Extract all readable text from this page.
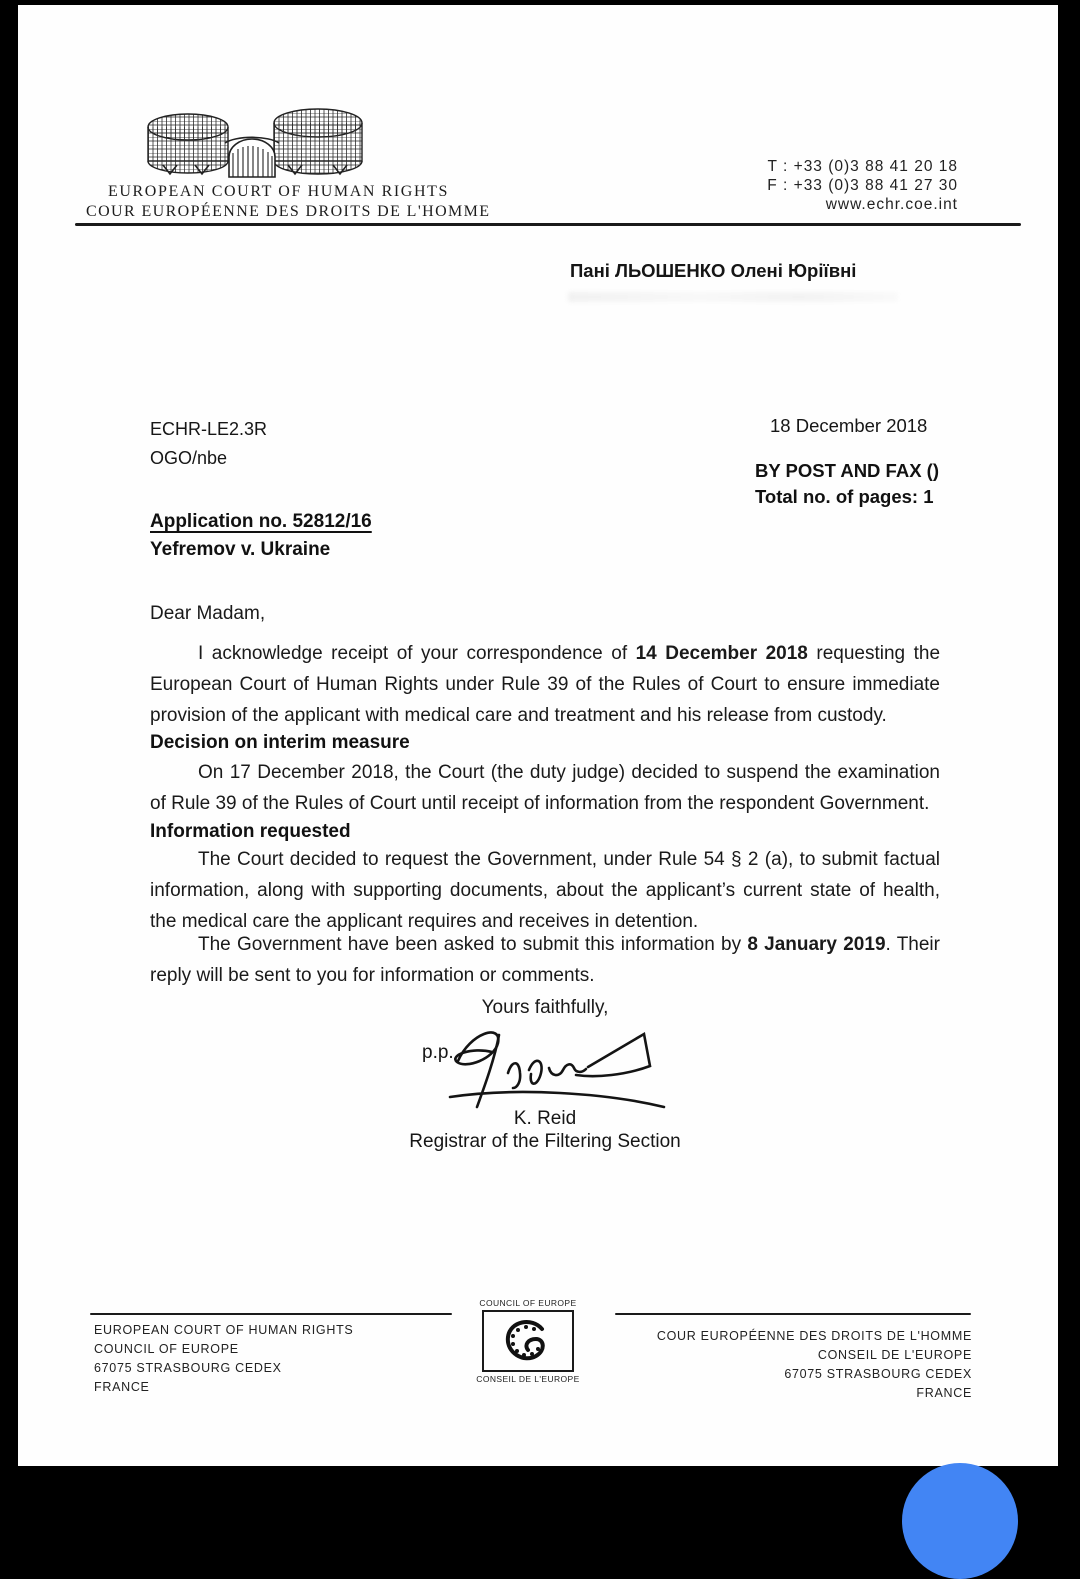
EUROPEAN COURT OF HUMAN RIGHTS
COUR EUROPÉENNE DES DROITS DE L'HOMME
T : +33 (0)3 88 41 20 18
F : +33 (0)3 88 41 27 30
www.echr.coe.int
Пані ЛЬОШЕНКО Олені Юріївні
ECHR-LE2.3R
OGO/nbe
18 December 2018
BY POST AND FAX ()
Total no. of pages: 1
Application no. 52812/16
Yefremov v. Ukraine
Dear Madam,

I acknowledge receipt of your correspondence of 14 December 2018 requesting the European Court of Human Rights under Rule 39 of the Rules of Court to ensure immediate provision of the applicant with medical care and treatment and his release from custody.

Decision on interim measure

On 17 December 2018, the Court (the duty judge) decided to suspend the examination of Rule 39 of the Rules of Court until receipt of information from the respondent Government.

Information requested

The Court decided to request the Government, under Rule 54 § 2 (a), to submit factual information, along with supporting documents, about the applicant’s current state of health, the medical care the applicant requires and receives in detention.

The Government have been asked to submit this information by 8 January 2019. Their reply will be sent to you for information or comments.

Yours faithfully,
p.p.
K. Reid
Registrar of the Filtering Section
EUROPEAN COURT OF HUMAN RIGHTS
COUNCIL OF EUROPE
67075 STRASBOURG CEDEX
FRANCE
COUNCIL OF EUROPE
CONSEIL DE L'EUROPE
COUR EUROPÉENNE DES DROITS DE L'HOMME
CONSEIL DE L'EUROPE
67075 STRASBOURG CEDEX
FRANCE
